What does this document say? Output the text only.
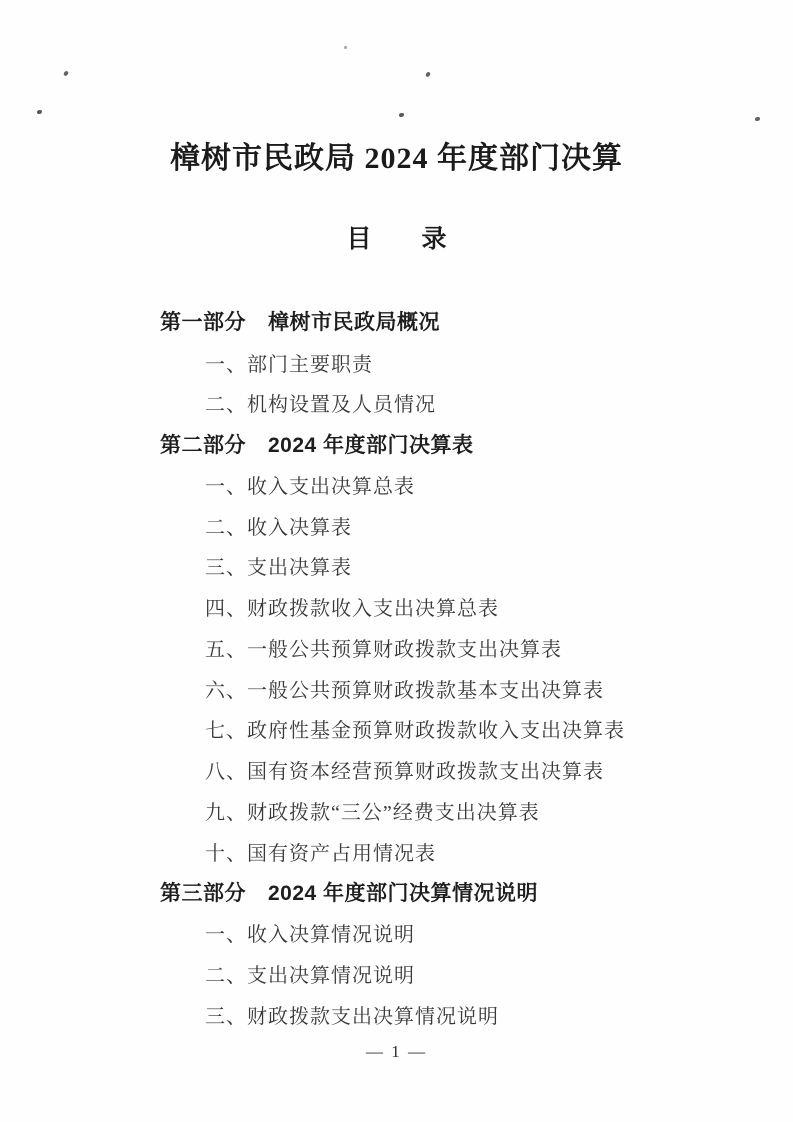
樟树市民政局 2024 年度部门决算
目　　录
第一部分 樟树市民政局概况
一、部门主要职责
二、机构设置及人员情况
第二部分 2024 年度部门决算表
一、收入支出决算总表
二、收入决算表
三、支出决算表
四、财政拨款收入支出决算总表
五、一般公共预算财政拨款支出决算表
六、一般公共预算财政拨款基本支出决算表
七、政府性基金预算财政拨款收入支出决算表
八、国有资本经营预算财政拨款支出决算表
九、财政拨款“三公”经费支出决算表
十、国有资产占用情况表
第三部分 2024 年度部门决算情况说明
一、收入决算情况说明
二、支出决算情况说明
三、财政拨款支出决算情况说明
— 1 —
